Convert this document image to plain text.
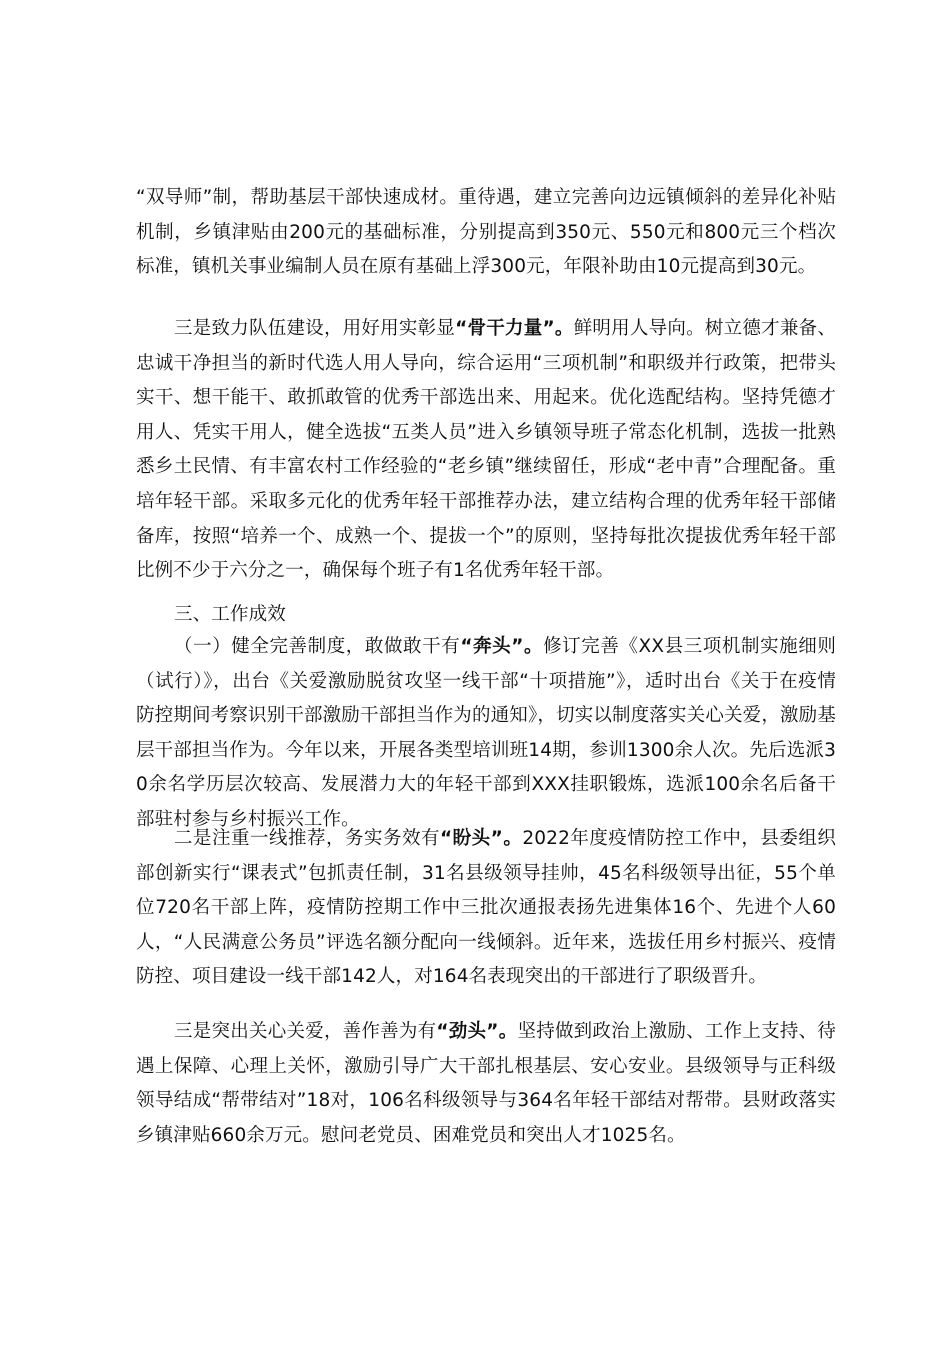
“双导师”制，帮助基层干部快速成材。重待遇，建立完善向边远镇倾斜的差异化补贴机制，乡镇津贴由200元的基础标准，分别提高到350元、550元和800元三个档次标准，镇机关事业编制人员在原有基础上浮300元，年限补助由10元提高到30元。

三是致力队伍建设，用好用实彰显“骨干力量”。鲜明用人导向。树立德才兼备、忠诚干净担当的新时代选人用人导向，综合运用“三项机制”和职级并行政策，把带头实干、想干能干、敢抓敢管的优秀干部选出来、用起来。优化选配结构。坚持凭德才用人、凭实干用人，健全选拔“五类人员”进入乡镇领导班子常态化机制，选拔一批熟悉乡土民情、有丰富农村工作经验的“老乡镇”继续留任，形成“老中青”合理配备。重培年轻干部。采取多元化的优秀年轻干部推荐办法，建立结构合理的优秀年轻干部储备库，按照“培养一个、成熟一个、提拔一个”的原则，坚持每批次提拔优秀年轻干部比例不少于六分之一，确保每个班子有1名优秀年轻干部。

三、工作成效

（一）健全完善制度，敢做敢干有“奔头”。修订完善《XX县三项机制实施细则（试行）》，出台《关爱激励脱贫攻坚一线干部“十项措施”》，适时出台《关于在疫情防控期间考察识别干部激励干部担当作为的通知》，切实以制度落实关心关爱，激励基层干部担当作为。今年以来，开展各类型培训班14期，参训1300余人次。先后选派30余名学历层次较高、发展潜力大的年轻干部到XXX挂职锻炼，选派100余名后备干部驻村参与乡村振兴工作。

二是注重一线推荐，务实务效有“盼头”。2022年度疫情防控工作中，县委组织部创新实行“课表式”包抓责任制，31名县级领导挂帅，45名科级领导出征，55个单位720名干部上阵，疫情防控期工作中三批次通报表扬先进集体16个、先进个人60人，“人民满意公务员”评选名额分配向一线倾斜。近年来，选拔任用乡村振兴、疫情防控、项目建设一线干部142人，对164名表现突出的干部进行了职级晋升。

三是突出关心关爱，善作善为有“劲头”。坚持做到政治上激励、工作上支持、待遇上保障、心理上关怀，激励引导广大干部扎根基层、安心安业。县级领导与正科级领导结成“帮带结对”18对，106名科级领导与364名年轻干部结对帮带。县财政落实乡镇津贴660余万元。慰问老党员、困难党员和突出人才1025名。
